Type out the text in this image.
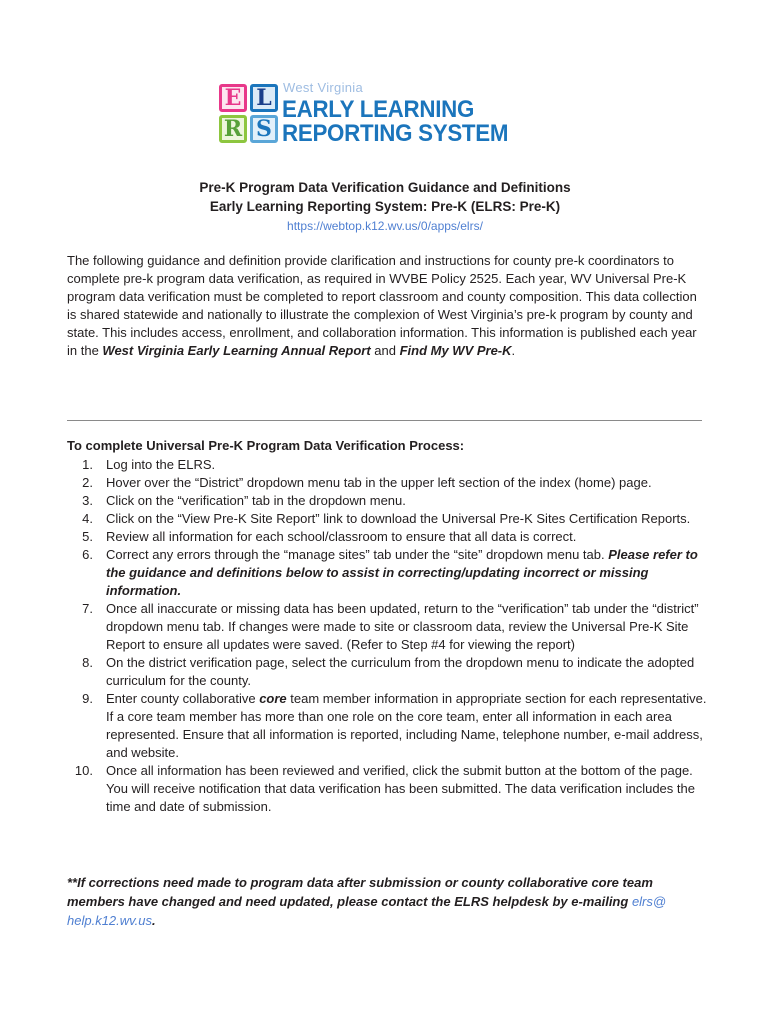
E L
R S
West Virginia
EARLY LEARNING
REPORTING SYSTEM
Pre-K Program Data Verification Guidance and Definitions
Early Learning Reporting System: Pre-K (ELRS: Pre-K)
https://webtop.k12.wv.us/0/apps/elrs/
The following guidance and definition provide clarification and instructions for county pre-k coordinators to complete pre-k program data verification, as required in WVBE Policy 2525. Each year, WV Universal Pre-K program data verification must be completed to report classroom and county composition. This data collection is shared statewide and nationally to illustrate the complexion of West Virginia’s pre-k program by county and state. This includes access, enrollment, and collaboration information. This information is published each year in the West Virginia Early Learning Annual Report and Find My WV Pre-K.
To complete Universal Pre-K Program Data Verification Process:
1. Log into the ELRS.
2. Hover over the “District” dropdown menu tab in the upper left section of the index (home) page.
3. Click on the “verification” tab in the dropdown menu.
4. Click on the “View Pre-K Site Report” link to download the Universal Pre-K Sites Certification Reports.
5. Review all information for each school/classroom to ensure that all data is correct.
6. Correct any errors through the “manage sites” tab under the “site” dropdown menu tab. Please refer to the guidance and definitions below to assist in correcting/updating incorrect or missing information.
7. Once all inaccurate or missing data has been updated, return to the “verification” tab under the “district” dropdown menu tab. If changes were made to site or classroom data, review the Universal Pre-K Site Report to ensure all updates were saved. (Refer to Step #4 for viewing the report)
8. On the district verification page, select the curriculum from the dropdown menu to indicate the adopted curriculum for the county.
9. Enter county collaborative core team member information in appropriate section for each representative. If a core team member has more than one role on the core team, enter all information in each area represented. Ensure that all information is reported, including Name, telephone number, e-mail address, and website.
10. Once all information has been reviewed and verified, click the submit button at the bottom of the page. You will receive notification that data verification has been submitted. The data verification includes the time and date of submission.
**If corrections need made to program data after submission or county collaborative core team members have changed and need updated, please contact the ELRS helpdesk by e-mailing elrs@ help.k12.wv.us.
